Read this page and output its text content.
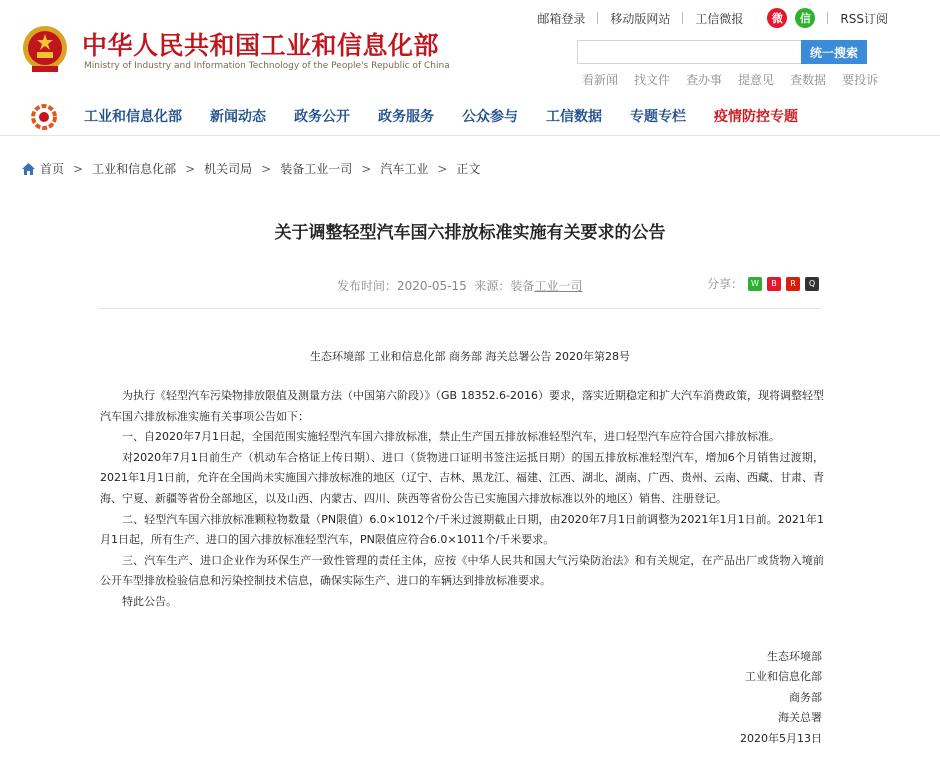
中华人民共和国工业和信息化部
Ministry of Industry and Information Technology of the People's Republic of China
邮箱登录	移动版网站	工信微报	微	信	RSS订阅
统一搜索
看新闻 找文件 查办事 提意见 查数据 要投诉
工业和信息化部	新闻动态	政务公开	政务服务	公众参与	工信数据	专题专栏	疫情防控专题
首页 > 工业和信息化部 > 机关司局 > 装备工业一司 > 汽车工业 > 正文
关于调整轻型汽车国六排放标准实施有关要求的公告
发布时间：2020-05-15 来源：装备工业一司	分享：	W	B	R	Q
生态环境部 工业和信息化部 商务部 海关总署公告 2020年第28号

为执行《轻型汽车污染物排放限值及测量方法（中国第六阶段）》（GB 18352.6-2016）要求，落实近期稳定和扩大汽车消费政策，现将调整轻型汽车国六排放标准实施有关事项公告如下：

一、自2020年7月1日起，全国范围实施轻型汽车国六排放标准，禁止生产国五排放标准轻型汽车，进口轻型汽车应符合国六排放标准。

对2020年7月1日前生产（机动车合格证上传日期）、进口（货物进口证明书签注运抵日期）的国五排放标准轻型汽车，增加6个月销售过渡期，2021年1月1日前，允许在全国尚未实施国六排放标准的地区（辽宁、吉林、黑龙江、福建、江西、湖北、湖南、广西、贵州、云南、西藏、甘肃、青海、宁夏、新疆等省份全部地区，以及山西、内蒙古、四川、陕西等省份公告已实施国六排放标准以外的地区）销售、注册登记。

二、轻型汽车国六排放标准颗粒物数量（PN限值）6.0×1012个/千米过渡期截止日期，由2020年7月1日前调整为2021年1月1日前。2021年1月1日起，所有生产、进口的国六排放标准轻型汽车，PN限值应符合6.0×1011个/千米要求。

三、汽车生产、进口企业作为环保生产一致性管理的责任主体，应按《中华人民共和国大气污染防治法》和有关规定，在产品出厂或货物入境前公开车型排放检验信息和污染控制技术信息，确保实际生产、进口的车辆达到排放标准要求。

特此公告。

生态环境部
工业和信息化部
商务部
海关总署
2020年5月13日
